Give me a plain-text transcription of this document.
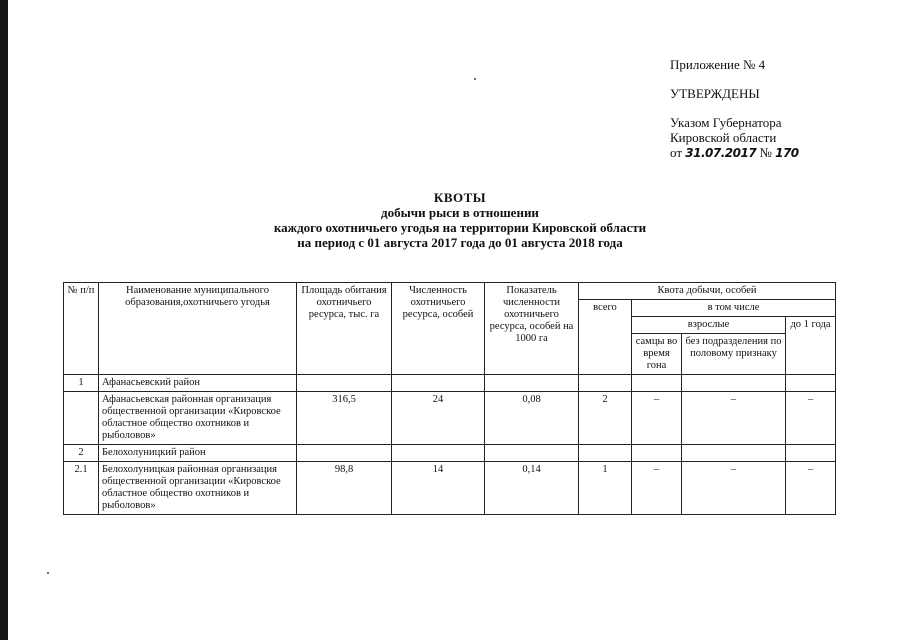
Приложение № 4
УТВЕРЖДЕНЫ
Указом Губернатора
Кировской области
от 31.07.2017 № 170
КВОТЫ
добычи рыси в отношении
каждого охотничьего угодья на территории Кировской области
на период с 01 августа 2017 года до 01 августа 2018 года
№ п/п	Наименование муниципального образования,охотничьего угодья	Площадь обитания охотничьего ресурса, тыс. га	Численность охотничьего ресурса, особей	Показатель численности охотничьего ресурса, особей на 1000 га	Квота добычи, особей			
					всего	в том числе		
						взрослые		до 1 года
						самцы во время гона	без подразделения по половому признаку	
1	Афанасьевский район							
	Афанасьевская районная организация общественной организации «Кировское областное общество охотников и рыболовов»	316,5	24	0,08	2	–	–	–
2	Белохолуницкий район							
2.1	Белохолуницкая районная организация общественной организации «Кировское областное общество охотников и рыболовов»	98,8	14	0,14	1	–	–	–
